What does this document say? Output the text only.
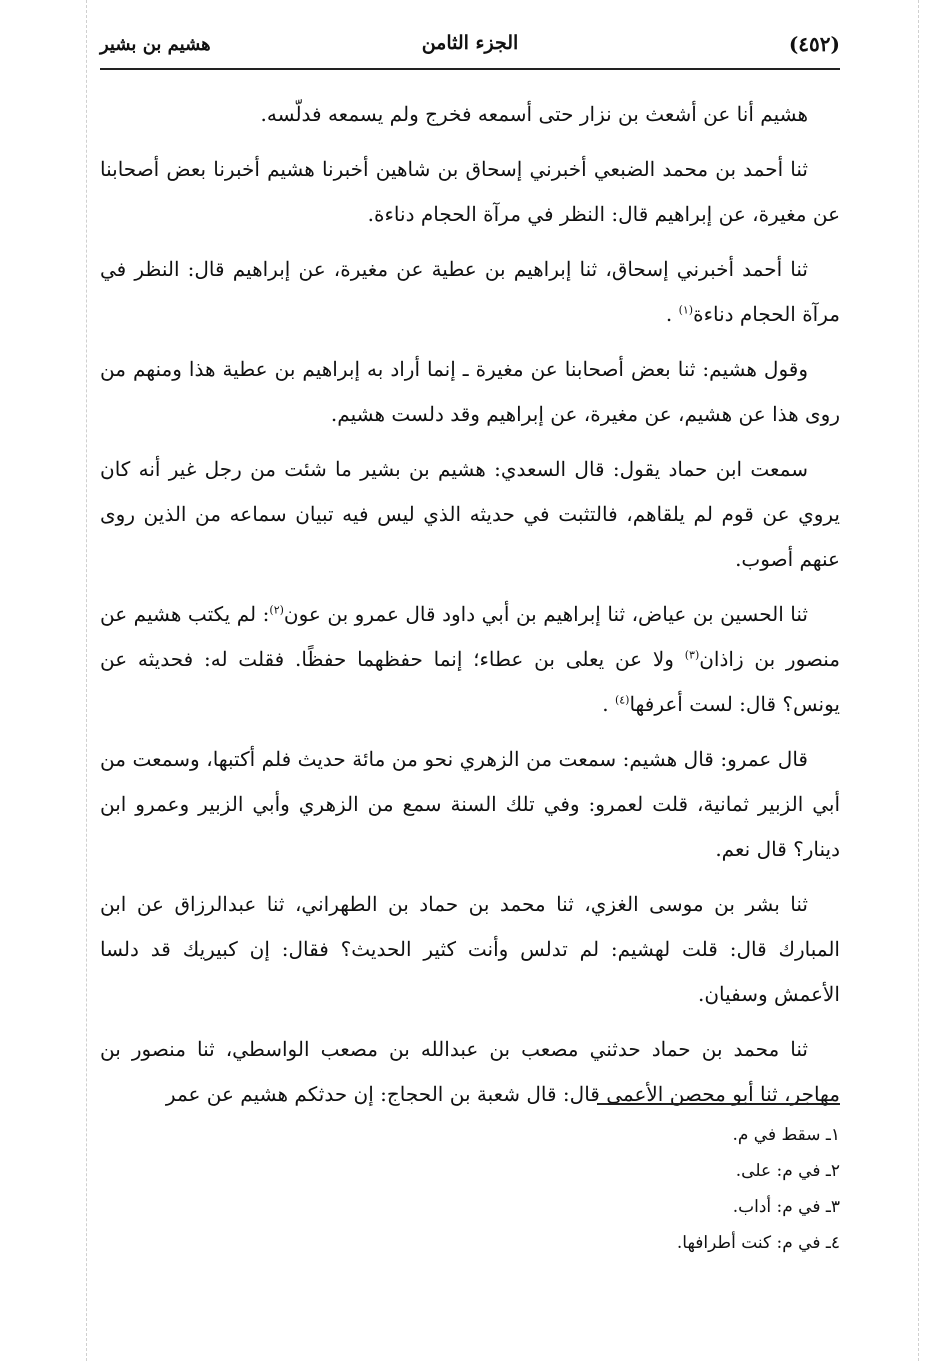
(٤٥٢)
الجزء الثامن
هشيم بن بشير

هشيم أنا عن أشعث بن نزار حتى أسمعه فخرج ولم يسمعه فدلّسه.

ثنا أحمد بن محمد الضبعي أخبرني إسحاق بن شاهين أخبرنا هشيم أخبرنا بعض أصحابنا عن مغيرة، عن إبراهيم قال: النظر في مرآة الحجام دناءة.

ثنا أحمد أخبرني إسحاق، ثنا إبراهيم بن عطية عن مغيرة، عن إبراهيم قال: النظر في مرآة الحجام دناءة$^{(١)}$ .

وقول هشيم: ثنا بعض أصحابنا عن مغيرة ـ إنما أراد به إبراهيم بن عطية هذا ومنهم من روى هذا عن هشيم، عن مغيرة، عن إبراهيم وقد دلست هشيم.

سمعت ابن حماد يقول: قال السعدي: هشيم بن بشير ما شئت من رجل غير أنه كان يروي عن قوم لم يلقاهم، فالتثبت في حديثه الذي ليس فيه تبيان سماعه من الذين روى عنهم أصوب.

ثنا الحسين بن عياض، ثنا إبراهيم بن أبي داود قال عمرو بن عون$^{(٢)}$: لم يكتب هشيم عن منصور بن زاذان$^{(٣)}$ ولا عن يعلى بن عطاء؛ إنما حفظهما حفظًا. فقلت له: فحديثه عن يونس؟ قال: لست أعرفها$^{(٤)}$ .

قال عمرو: قال هشيم: سمعت من الزهري نحو من مائة حديث فلم أكتبها، وسمعت من أبي الزبير ثمانية، قلت لعمرو: وفي تلك السنة سمع من الزهري وأبي الزبير وعمرو ابن دينار؟ قال نعم.

ثنا بشر بن موسى الغزي، ثنا محمد بن حماد بن الطهراني، ثنا عبدالرزاق عن ابن المبارك قال: قلت لهشيم: لم تدلس وأنت كثير الحديث؟ فقال: إن كبيريك قد دلسا الأعمش وسفيان.

ثنا محمد بن حماد حدثني مصعب بن عبدالله بن مصعب الواسطي، ثنا منصور بن مهاجر، ثنا أبو محصن الأعمى قال: قال شعبة بن الحجاج: إن حدثكم هشيم عن عمر

١ـ سقط في م.
٢ـ في م: على.
٣ـ في م: أداب.
٤ـ في م: كنت أطرافها.
